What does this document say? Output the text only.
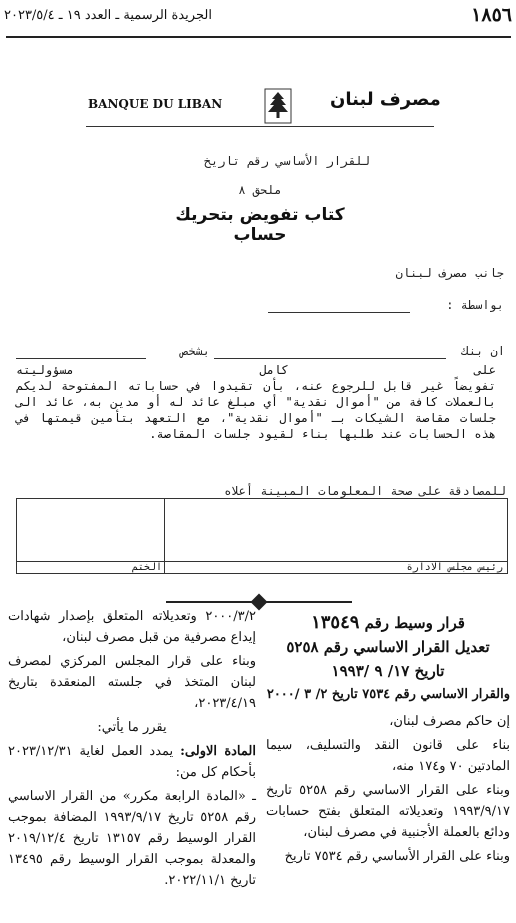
١٨٥٦
الجريدة الرسمية ـ العدد ١٩ ـ ٢٠٢٣/٥/٤
BANQUE DU LIBAN	مصرف لبنان
للقرار الأساسي رقم تاريخ
ملحق ٨
كتاب تفويض بتحريك حساب
جانب مصرف لبنان
بواسطة :
ان بنك
بشخص
على كامل مسؤوليته
تفويضاً غير قابل للرجوع عنه، بأن تقيدوا في حساباته المفتوحة لديكم بالعملات كافة من "أموال نقدية" أي مبلغ عائد له أو مدين به، عائد الى جلسات مقاصة الشيكات بـ "أموال نقدية"، مع التعهد بتأمين قيمتها في هذه الحسابات عند طلبها بناء لقيود جلسات المقاصة.
للمصادقة على صحة المعلومات المبينة أعلاه
رئيس مجلس الادارة
الختم

قرار وسيط رقم ١٣٥٤٩

تعديل القرار الاساسي رقم ٥٢٥٨

تاريخ ١٧/ ٩ /١٩٩٣

والقرار الاساسي رقم ٧٥٣٤ تاريخ ٢/ ٣ /٢٠٠٠

إن حاكم مصرف لبنان،

بناء على قانون النقد والتسليف، سيما المادتين ٧٠ و١٧٤ منه،

وبناء على القرار الاساسي رقم ٥٢٥٨ تاريخ ١٩٩٣/٩/١٧ وتعديلاته المتعلق بفتح حسابات ودائع بالعملة الأجنبية في مصرف لبنان،

وبناء على القرار الأساسي رقم ٧٥٣٤ تاريخ

٢٠٠٠/٣/٢ وتعديلاته المتعلق بإصدار شهادات إيداع مصرفية من قبل مصرف لبنان،

وبناء على قرار المجلس المركزي لمصرف لبنان المتخذ في جلسته المنعقدة بتاريخ ٢٠٢٣/٤/١٩،

يقرر ما يأتي:

المادة الاولى: يمدد العمل لغاية ٢٠٢٣/١٢/٣١ بأحكام كل من:

ـ «المادة الرابعة مكرر» من القرار الاساسي رقم ٥٢٥٨ تاريخ ١٩٩٣/٩/١٧ المضافة بموجب القرار الوسيط رقم ١٣١٥٧ تاريخ ٢٠١٩/١٢/٤ والمعدلة بموجب القرار الوسيط رقم ١٣٤٩٥ تاريخ ٢٠٢٢/١١/١.
